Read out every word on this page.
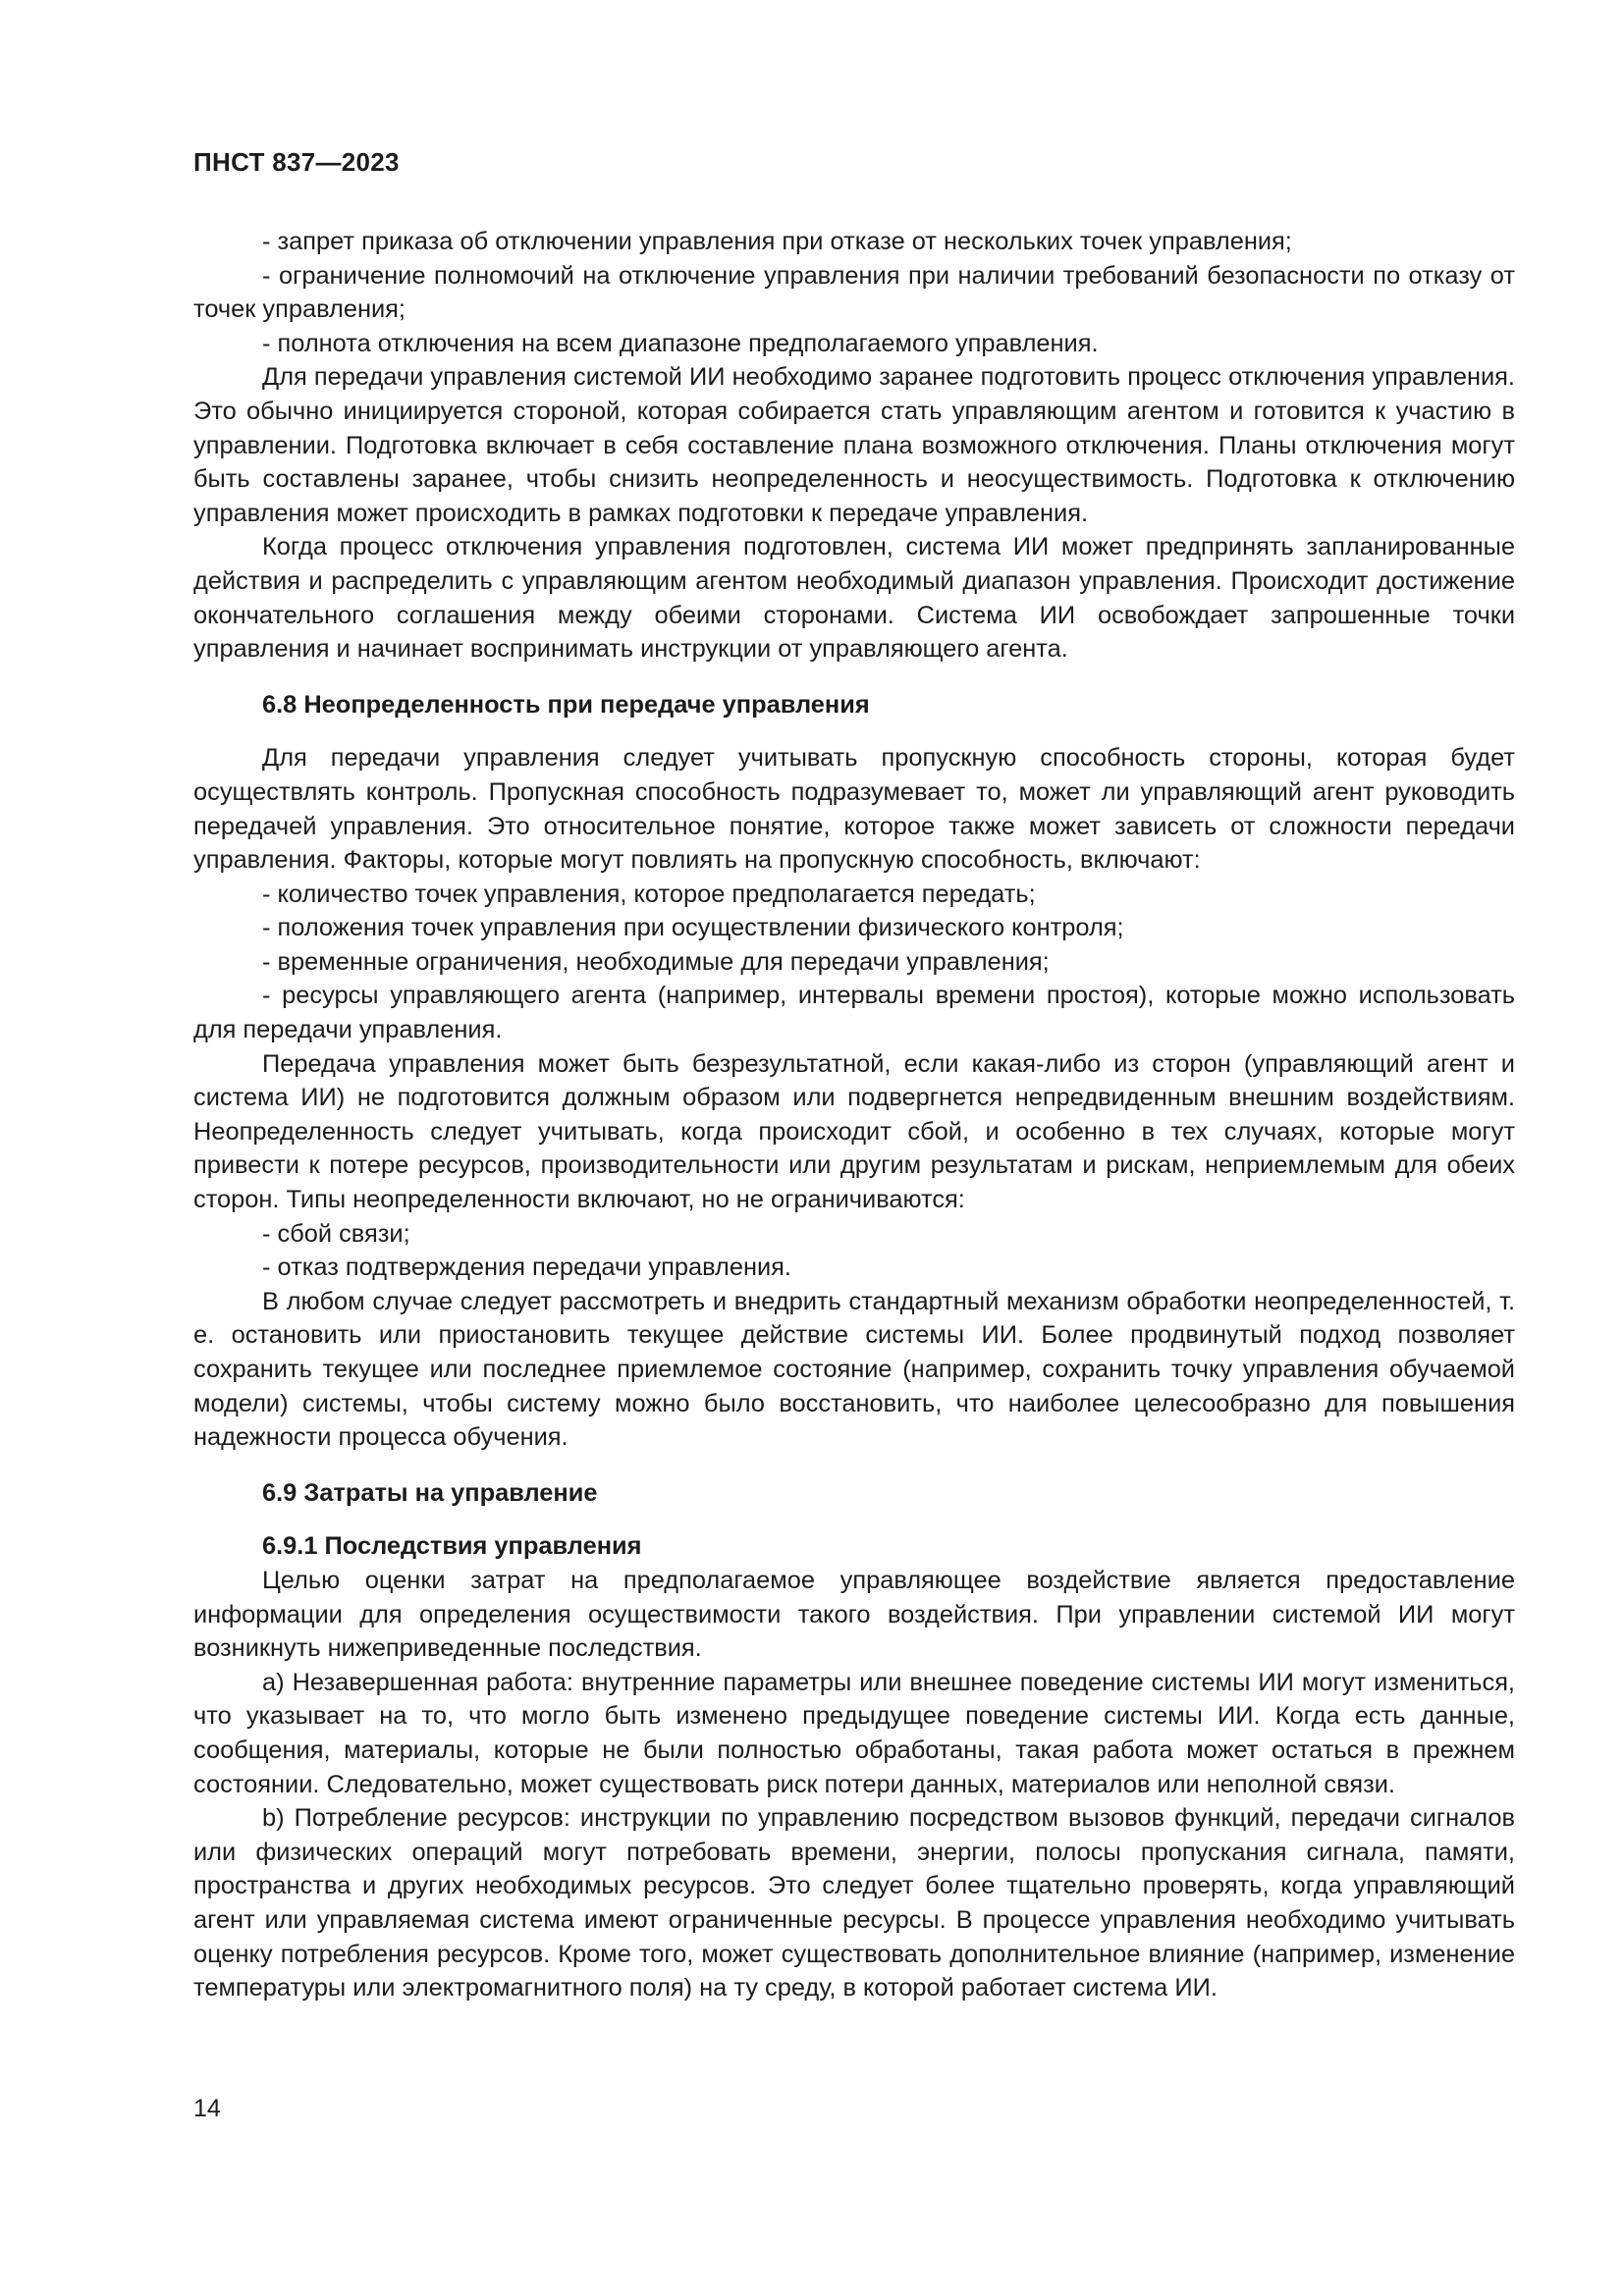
ПНСТ 837—2023

- запрет приказа об отключении управления при отказе от нескольких точек управления;

- ограничение полномочий на отключение управления при наличии требований безопасности по отказу от точек управления;

- полнота отключения на всем диапазоне предполагаемого управления.

Для передачи управления системой ИИ необходимо заранее подготовить процесс отключения управления. Это обычно инициируется стороной, которая собирается стать управляющим агентом и готовится к участию в управлении. Подготовка включает в себя составление плана возможного отключения. Планы отключения могут быть составлены заранее, чтобы снизить неопределенность и неосуществимость. Подготовка к отключению управления может происходить в рамках подготовки к передаче управления.

Когда процесс отключения управления подготовлен, система ИИ может предпринять запланированные действия и распределить с управляющим агентом необходимый диапазон управления. Происходит достижение окончательного соглашения между обеими сторонами. Система ИИ освобождает запрошенные точки управления и начинает воспринимать инструкции от управляющего агента.

6.8 Неопределенность при передаче управления

Для передачи управления следует учитывать пропускную способность стороны, которая будет осуществлять контроль. Пропускная способность подразумевает то, может ли управляющий агент руководить передачей управления. Это относительное понятие, которое также может зависеть от сложности передачи управления. Факторы, которые могут повлиять на пропускную способность, включают:

- количество точек управления, которое предполагается передать;

- положения точек управления при осуществлении физического контроля;

- временные ограничения, необходимые для передачи управления;

- ресурсы управляющего агента (например, интервалы времени простоя), которые можно использовать для передачи управления.

Передача управления может быть безрезультатной, если какая-либо из сторон (управляющий агент и система ИИ) не подготовится должным образом или подвергнется непредвиденным внешним воздействиям. Неопределенность следует учитывать, когда происходит сбой, и особенно в тех случаях, которые могут привести к потере ресурсов, производительности или другим результатам и рискам, неприемлемым для обеих сторон. Типы неопределенности включают, но не ограничиваются:

- сбой связи;

- отказ подтверждения передачи управления.

В любом случае следует рассмотреть и внедрить стандартный механизм обработки неопределенностей, т. е. остановить или приостановить текущее действие системы ИИ. Более продвинутый подход позволяет сохранить текущее или последнее приемлемое состояние (например, сохранить точку управления обучаемой модели) системы, чтобы систему можно было восстановить, что наиболее целесообразно для повышения надежности процесса обучения.

6.9 Затраты на управление
6.9.1 Последствия управления

Целью оценки затрат на предполагаемое управляющее воздействие является предоставление информации для определения осуществимости такого воздействия. При управлении системой ИИ могут возникнуть нижеприведенные последствия.

а) Незавершенная работа: внутренние параметры или внешнее поведение системы ИИ могут измениться, что указывает на то, что могло быть изменено предыдущее поведение системы ИИ. Когда есть данные, сообщения, материалы, которые не были полностью обработаны, такая работа может остаться в прежнем состоянии. Следовательно, может существовать риск потери данных, материалов или неполной связи.

b) Потребление ресурсов: инструкции по управлению посредством вызовов функций, передачи сигналов или физических операций могут потребовать времени, энергии, полосы пропускания сигнала, памяти, пространства и других необходимых ресурсов. Это следует более тщательно проверять, когда управляющий агент или управляемая система имеют ограниченные ресурсы. В процессе управления необходимо учитывать оценку потребления ресурсов. Кроме того, может существовать дополнительное влияние (например, изменение температуры или электромагнитного поля) на ту среду, в которой работает система ИИ.

14
